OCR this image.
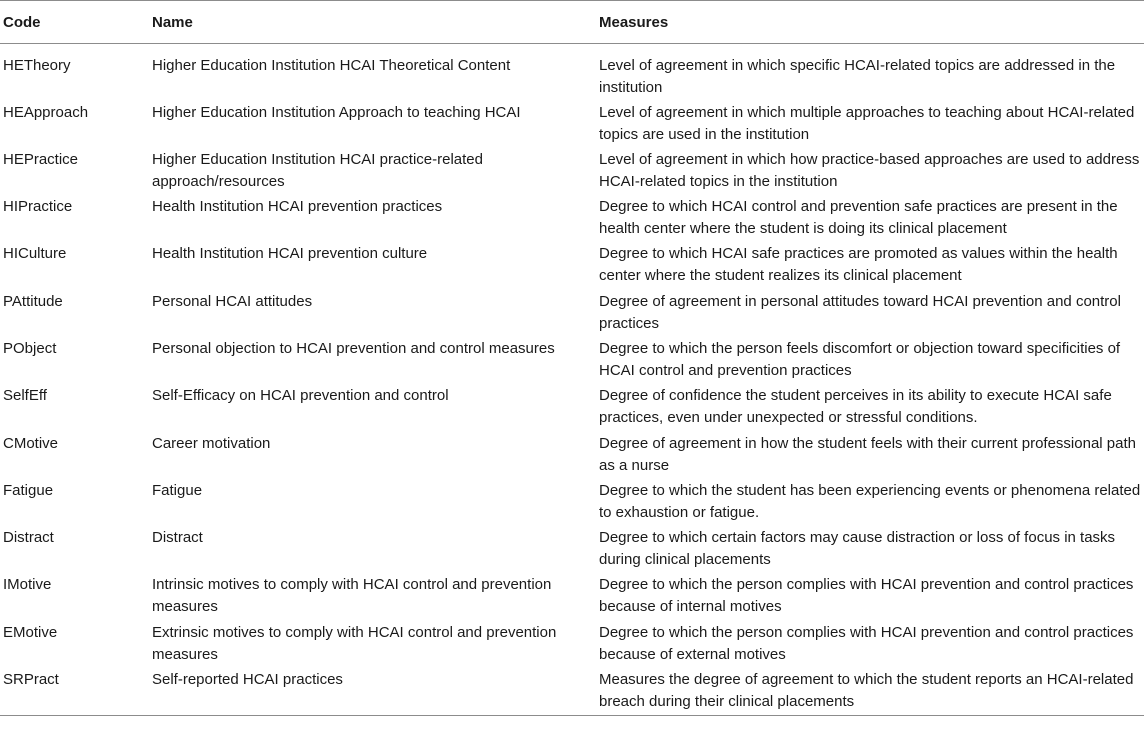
Code	Name	Measures
HETheory	Higher Education Institution HCAI Theoretical Content	Level of agreement in which specific HCAI-related topics are addressed in the institution
HEApproach	Higher Education Institution Approach to teaching HCAI	Level of agreement in which multiple approaches to teaching about HCAI-related topics are used in the institution
HEPractice	Higher Education Institution HCAI practice-related approach/resources	Level of agreement in which how practice-based approaches are used to address HCAI-related topics in the institution
HIPractice	Health Institution HCAI prevention practices	Degree to which HCAI control and prevention safe practices are present in the health center where the student is doing its clinical placement
HICulture	Health Institution HCAI prevention culture	Degree to which HCAI safe practices are promoted as values within the health center where the student realizes its clinical placement
PAttitude	Personal HCAI attitudes	Degree of agreement in personal attitudes toward HCAI prevention and control practices
PObject	Personal objection to HCAI prevention and control measures	Degree to which the person feels discomfort or objection toward specificities of HCAI control and prevention practices
SelfEff	Self-Efficacy on HCAI prevention and control	Degree of confidence the student perceives in its ability to execute HCAI safe practices, even under unexpected or stressful conditions.
CMotive	Career motivation	Degree of agreement in how the student feels with their current professional path as a nurse
Fatigue	Fatigue	Degree to which the student has been experiencing events or phenomena related to exhaustion or fatigue.
Distract	Distract	Degree to which certain factors may cause distraction or loss of focus in tasks during clinical placements
IMotive	Intrinsic motives to comply with HCAI control and prevention measures	Degree to which the person complies with HCAI prevention and control practices because of internal motives
EMotive	Extrinsic motives to comply with HCAI control and prevention measures	Degree to which the person complies with HCAI prevention and control practices because of external motives
SRPract	Self-reported HCAI practices	Measures the degree of agreement to which the student reports an HCAI-related breach during their clinical placements
